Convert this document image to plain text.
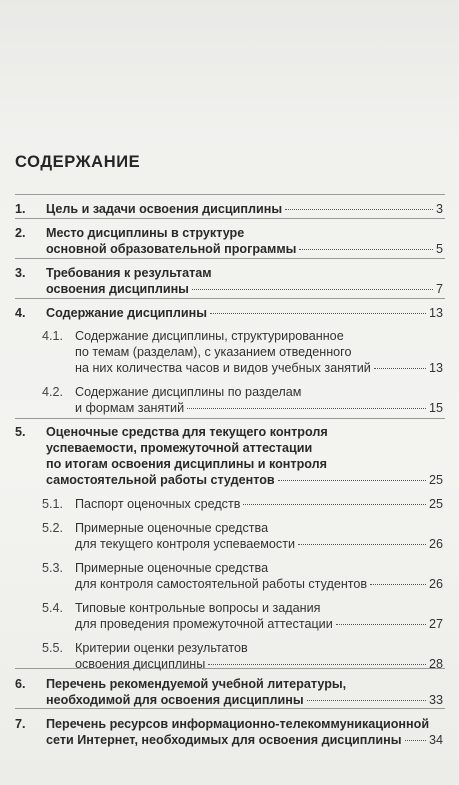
СОДЕРЖАНИЕ
1. Цель и задачи освоения дисциплины	3
2. Место дисциплины в структуре
основной образовательной программы	5
3. Требования к результатам
освоения дисциплины	7
4. Содержание дисциплины	13
4.1. Содержание дисциплины, структурированное
по темам (разделам), с указанием отведенного
на них количества часов и видов учебных занятий	13
4.2. Содержание дисциплины по разделам
и формам занятий	15
5. Оценочные средства для текущего контроля
успеваемости, промежуточной аттестации
по итогам освоения дисциплины и контроля
самостоятельной работы студентов	25
5.1. Паспорт оценочных средств	25
5.2. Примерные оценочные средства
для текущего контроля успеваемости	26
5.3. Примерные оценочные средства
для контроля самостоятельной работы студентов	26
5.4. Типовые контрольные вопросы и задания
для проведения промежуточной аттестации	27
5.5. Критерии оценки результатов
освоения дисциплины	28
6. Перечень рекомендуемой учебной литературы,
необходимой для освоения дисциплины	33
7. Перечень ресурсов информационно-телекоммуникационной
сети Интернет, необходимых для освоения дисциплины 34
